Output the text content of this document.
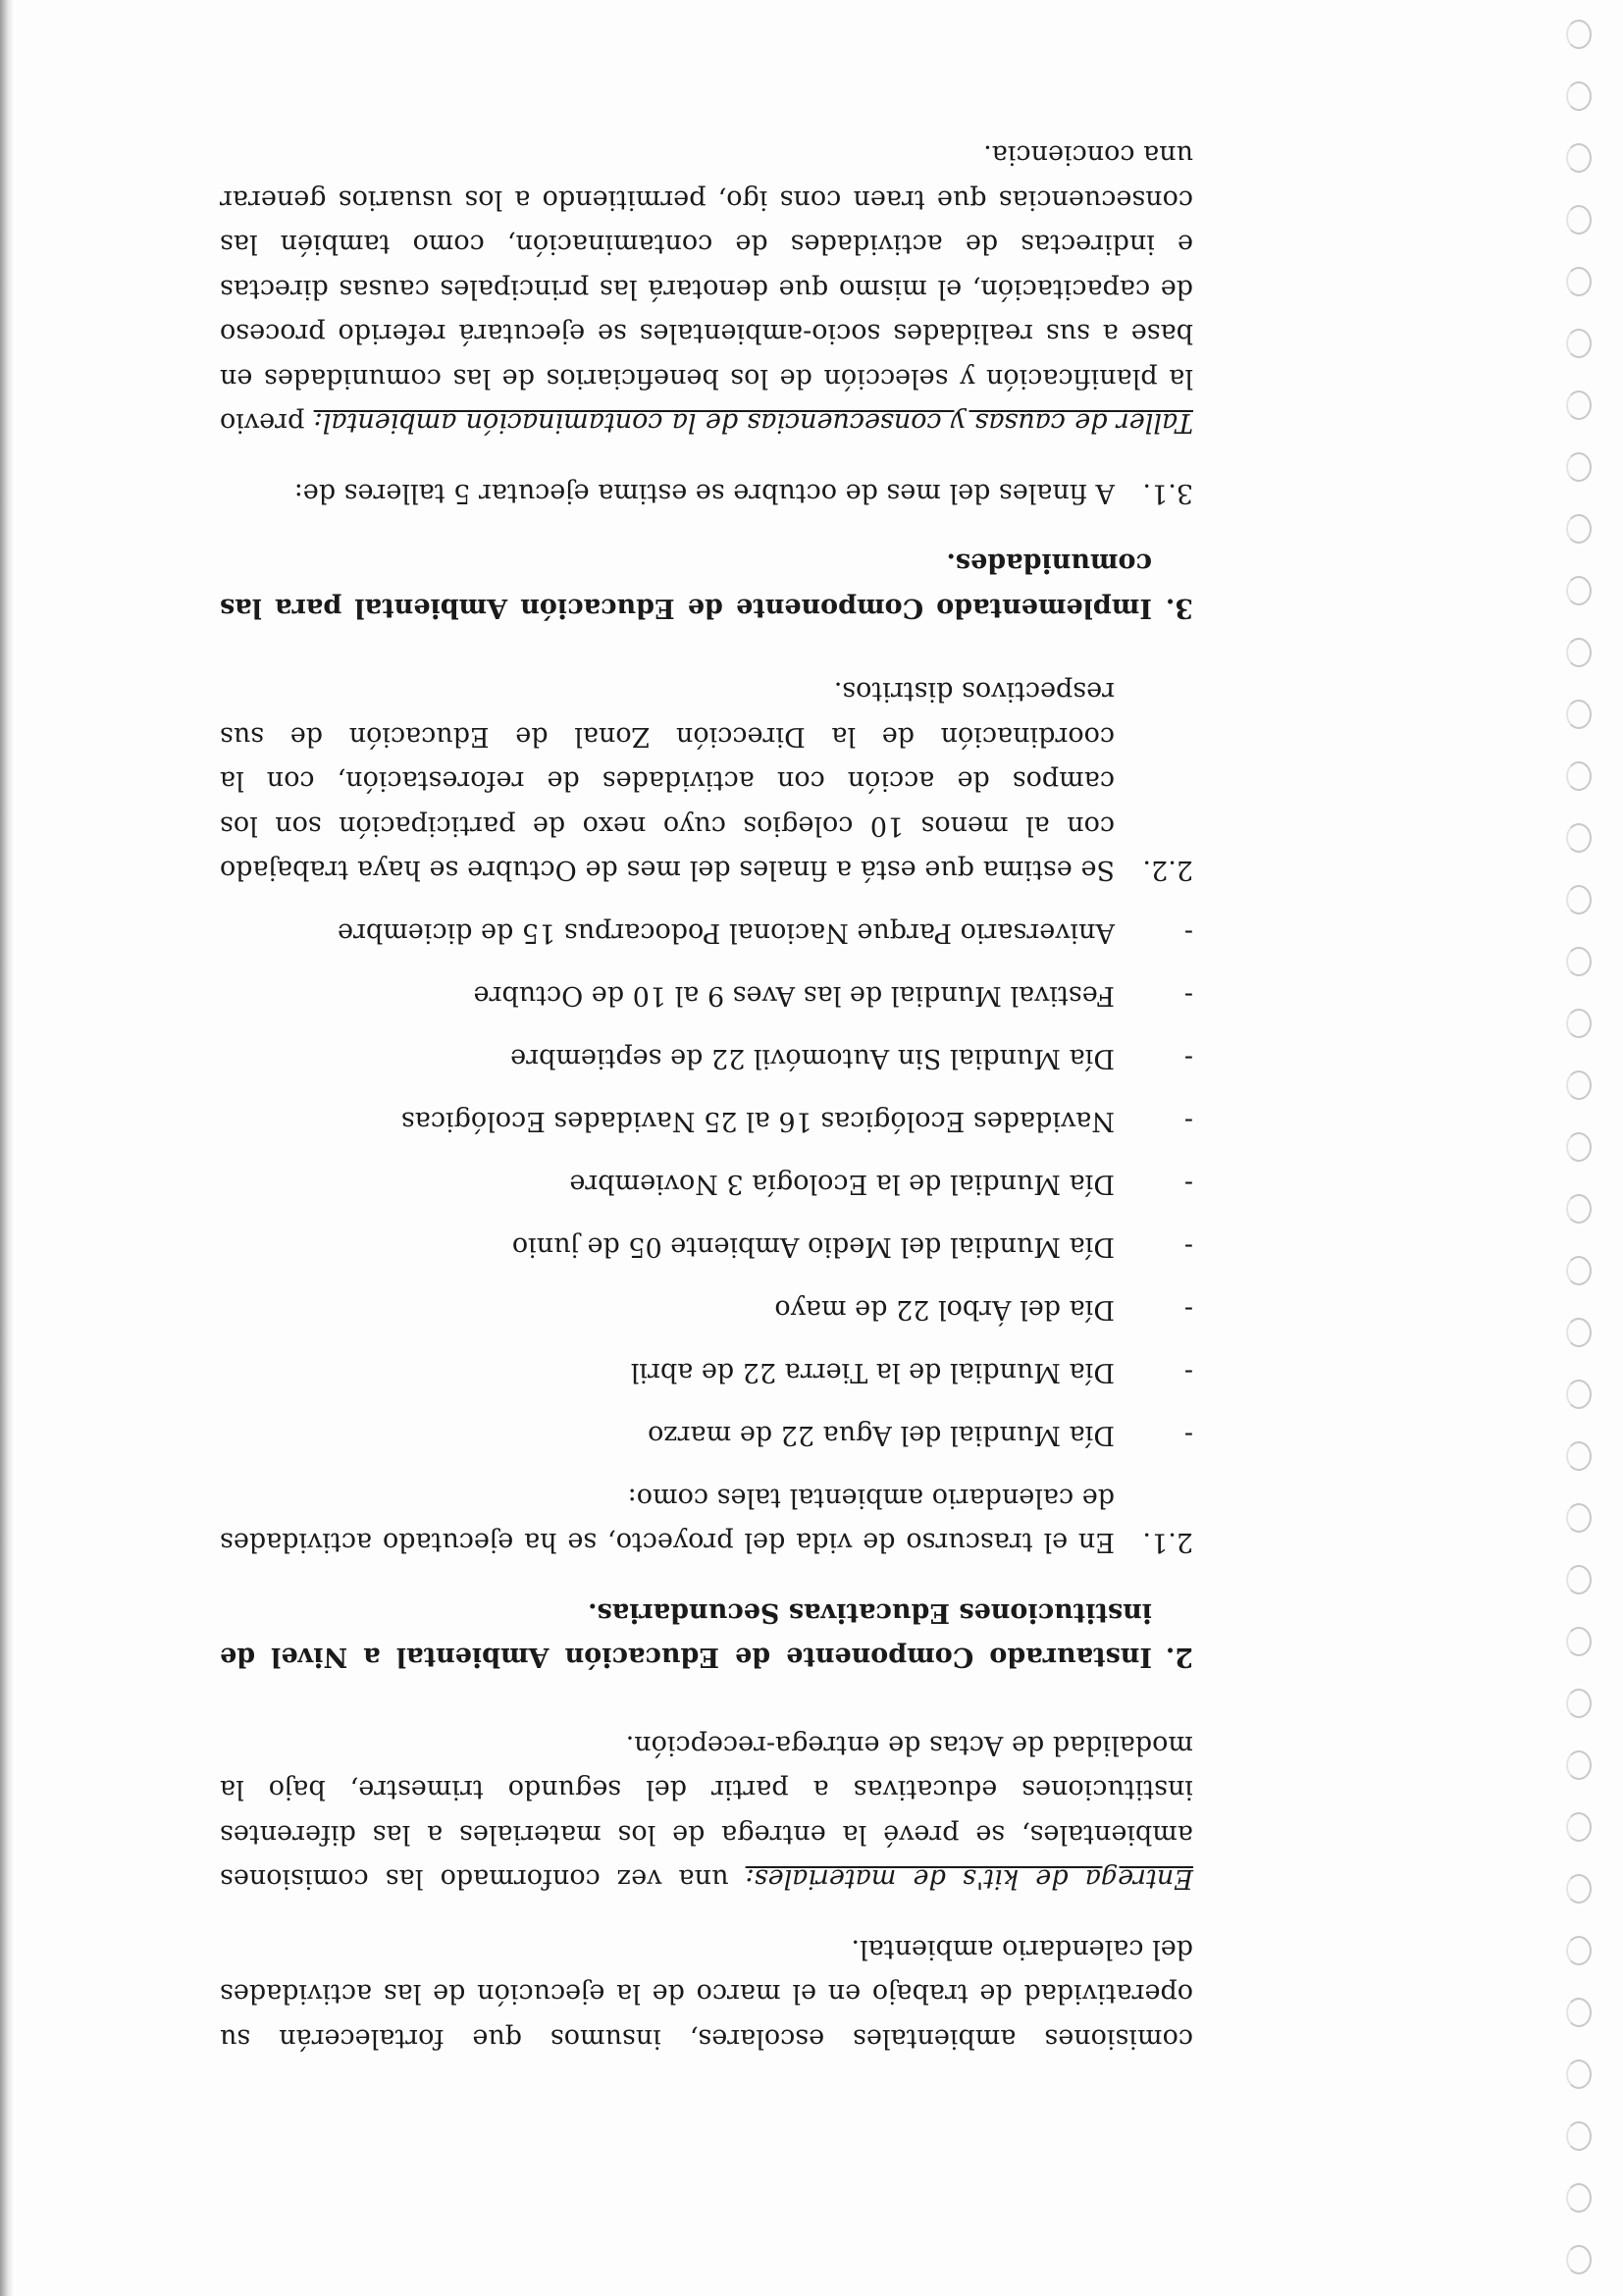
comisiones ambientales escolares, insumos que fortalecerán su operatividad de trabajo en el marco de la ejecución de las actividades del calendario ambiental.

Entrega de kit's de materiales: una vez conformado las comisiones ambientales, se prevé la entrega de los materiales a las diferentes instituciones educativas a partir del segundo trimestre, bajo la modalidad de Actas de entrega-recepción.

2.
Instaurado Componente de Educación Ambiental a Nivel de instituciones Educativas Secundarias.
2.1.
En el trascurso de vida del proyecto, se ha ejecutado actividades de calendario ambiental tales como:
-
Día Mundial del Agua 22 de marzo
-
Día Mundial de la Tierra 22 de abril
-
Día del Árbol 22 de mayo
-
Día Mundial del Medio Ambiente 05 de junio
-
Día Mundial de la Ecología 3 Noviembre
-
Navidades Ecológicas 16 al 25 Navidades Ecológicas
-
Día Mundial Sin Automóvil 22 de septiembre
-
Festival Mundial de las Aves 9 al 10 de Octubre
-
Aniversario Parque Nacional Podocarpus 15 de diciembre
2.2.
Se estima que está a finales del mes de Octubre se haya trabajado con al menos 10 colegios cuyo nexo de participación son los campos de acción con actividades de reforestación, con la coordinación de la Dirección Zonal de Educación de sus respectivos distritos.
3.
Implementado Componente de Educación Ambiental para las comunidades.
3.1.
A finales del mes de octubre se estima ejecutar 5 talleres de:

Taller de causas y consecuencias de la contaminación ambiental: previo la planificación y selección de los beneficiarios de las comunidades en base a sus realidades socio-ambientales se ejecutará referido proceso de capacitación, el mismo que denotará las principales causas directas e indirectas de actividades de contaminación, como también las consecuencias que traen cons igo, permitiendo a los usuarios generar una conciencia.
